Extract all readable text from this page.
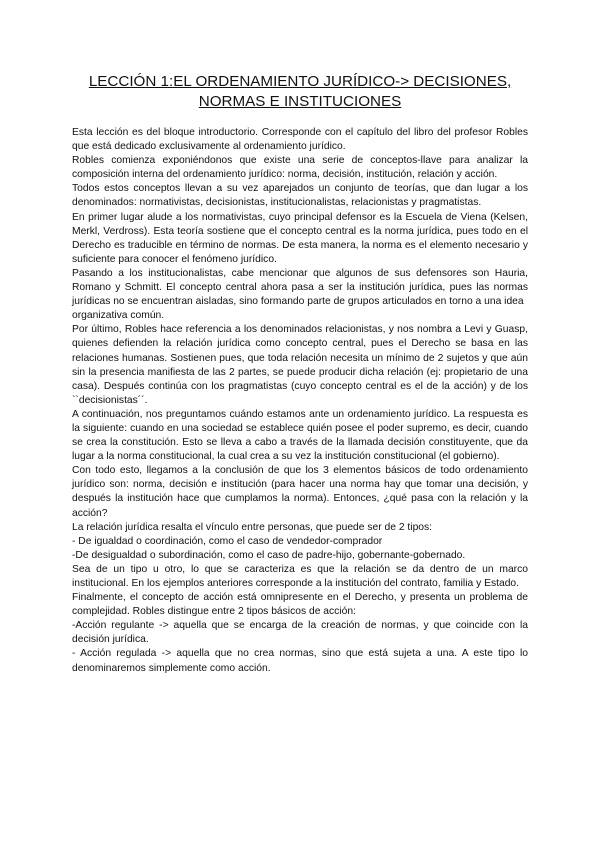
LECCIÓN 1:EL ORDENAMIENTO JURÍDICO-> DECISIONES,
NORMAS E INSTITUCIONES

Esta lección es del bloque introductorio. Corresponde con el capítulo del libro del profesor Robles que está dedicado exclusivamente al ordenamiento jurídico.

Robles comienza exponiéndonos que existe una serie de conceptos-llave para analizar la composición interna del ordenamiento jurídico: norma, decisión, institución, relación y acción.

Todos estos conceptos llevan a su vez aparejados un conjunto de teorías, que dan lugar a los denominados: normativistas, decisionistas, institucionalistas, relacionistas y pragmatistas.

En primer lugar alude a los normativistas, cuyo principal defensor es la Escuela de Viena (Kelsen, Merkl, Verdross). Esta teoría sostiene que el concepto central es la norma jurídica, pues todo en el Derecho es traducible en término de normas. De esta manera, la norma es el elemento necesario y suficiente para conocer el fenómeno jurídico.

Pasando a los institucionalistas, cabe mencionar que algunos de sus defensores son Hauria, Romano y Schmitt. El concepto central ahora pasa a ser la institución jurídica, pues las normas jurídicas no se encuentran aisladas, sino formando parte de grupos articulados en torno a una idea

organizativa común.

Por último, Robles hace referencia a los denominados relacionistas, y nos nombra a Levi y Guasp, quienes defienden la relación jurídica como concepto central, pues el Derecho se basa en las relaciones humanas. Sostienen pues, que toda relación necesita un mínimo de 2 sujetos y que aún sin la presencia manifiesta de las 2 partes, se puede producir dicha relación (ej: propietario de una casa). Después continúa con los pragmatistas (cuyo concepto central es el de la acción) y de los ``decisionistas´´.

A continuación, nos preguntamos cuándo estamos ante un ordenamiento jurídico. La respuesta es la siguiente: cuando en una sociedad se establece quién posee el poder supremo, es decir, cuando se crea la constitución. Esto se lleva a cabo a través de la llamada decisión constituyente, que da lugar a la norma constitucional, la cual crea a su vez la institución constitucional (el gobierno).

Con todo esto, llegamos a la conclusión de que los 3 elementos básicos de todo ordenamiento jurídico son: norma, decisión e institución (para hacer una norma hay que tomar una decisión, y después la institución hace que cumplamos la norma). Entonces, ¿qué pasa con la relación y la acción?

La relación jurídica resalta el vínculo entre personas, que puede ser de 2 tipos:

- De igualdad o coordinación, como el caso de vendedor-comprador

-De desigualdad o subordinación, como el caso de padre-hijo, gobernante-gobernado.

Sea de un tipo u otro, lo que se caracteriza es que la relación se da dentro de un marco institucional. En los ejemplos anteriores corresponde a la institución del contrato, familia y Estado.

Finalmente, el concepto de acción está omnipresente en el Derecho, y presenta un problema de complejidad. Robles distingue entre 2 tipos básicos de acción:

-Acción regulante -> aquella que se encarga de la creación de normas, y que coincide con la decisión jurídica.

- Acción regulada -> aquella que no crea normas, sino que está sujeta a una. A este tipo lo denominaremos simplemente como acción.
